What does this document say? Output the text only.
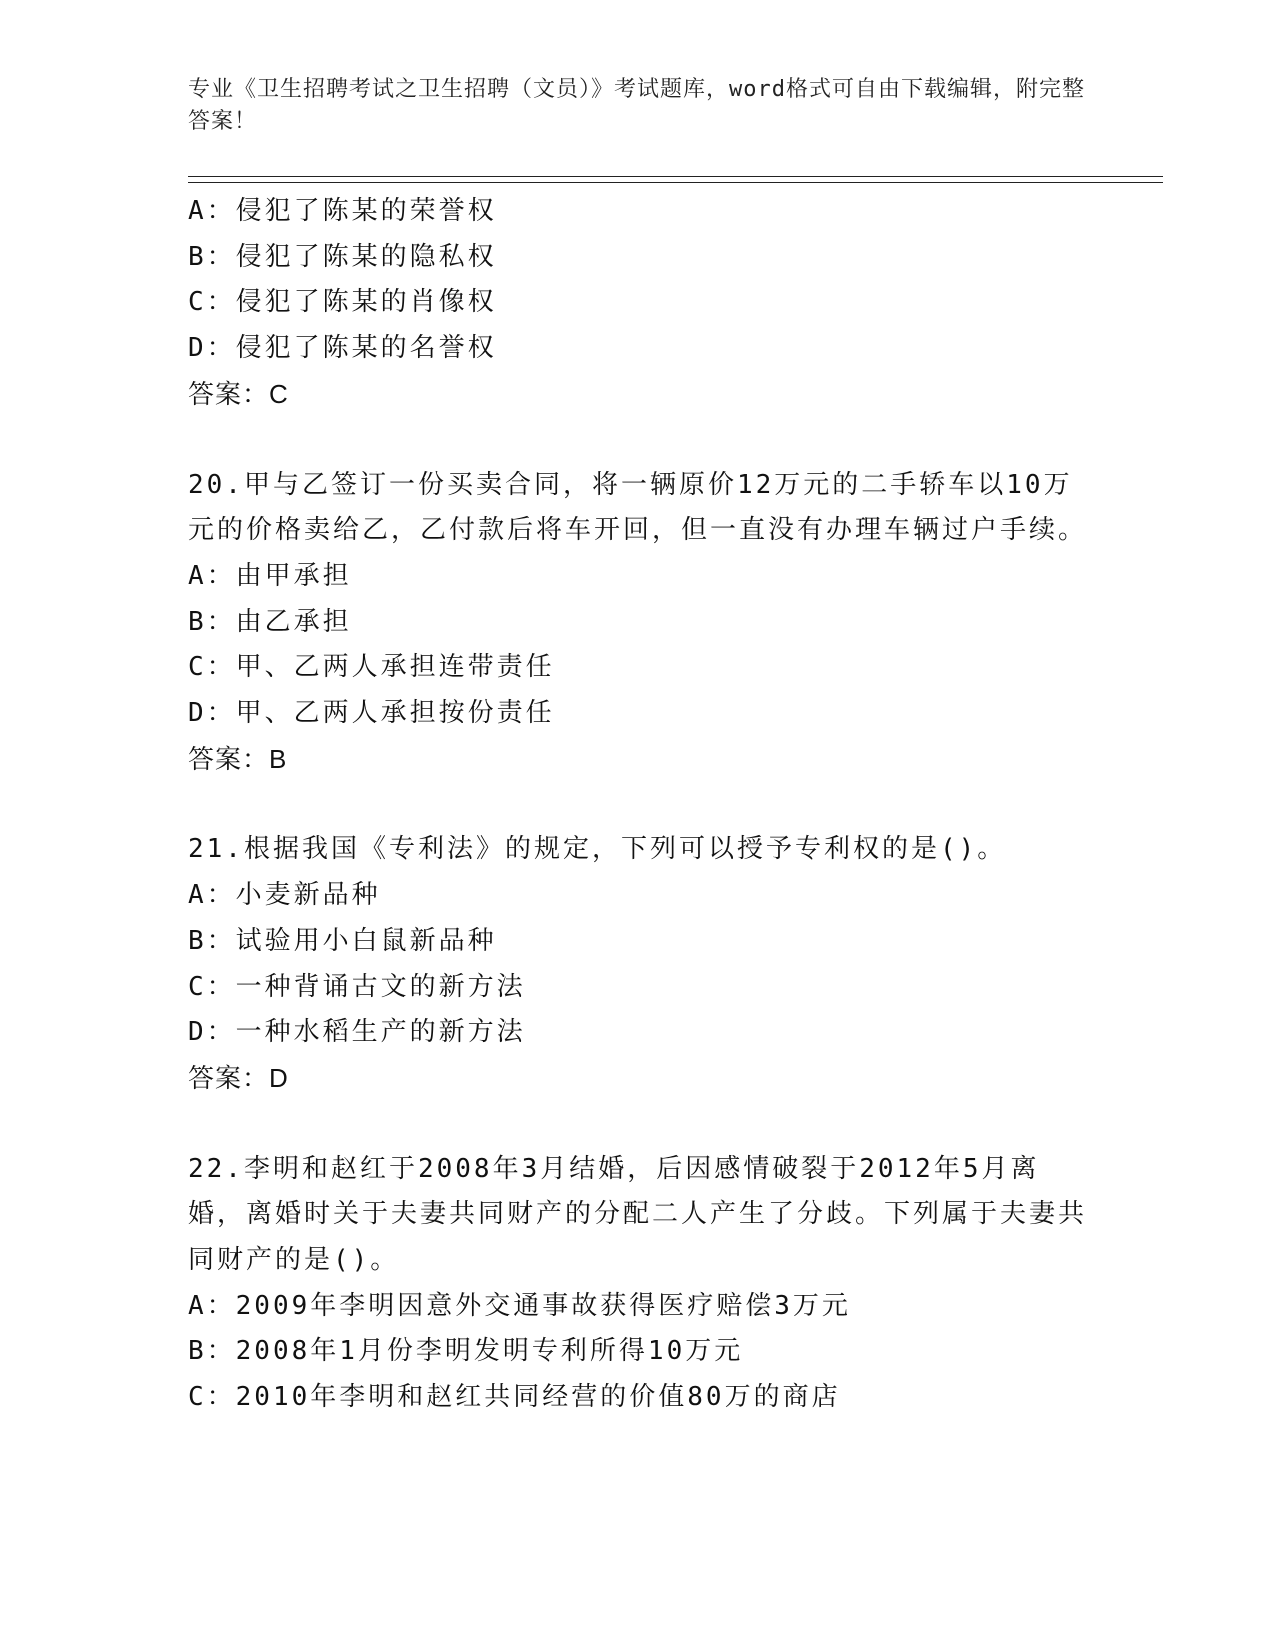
专业《卫生招聘考试之卫生招聘（文员）》考试题库，word格式可自由下载编辑，附完整答案！
A：侵犯了陈某的荣誉权
B：侵犯了陈某的隐私权
C：侵犯了陈某的肖像权
D：侵犯了陈某的名誉权
答案：C
20.甲与乙签订一份买卖合同，将一辆原价12万元的二手轿车以10万元的价格卖给乙，乙付款后将车开回，但一直没有办理车辆过户手续。
A：由甲承担
B：由乙承担
C：甲、乙两人承担连带责任
D：甲、乙两人承担按份责任
答案：B
21.根据我国《专利法》的规定，下列可以授予专利权的是()。
A：小麦新品种
B：试验用小白鼠新品种
C：一种背诵古文的新方法
D：一种水稻生产的新方法
答案：D
22.李明和赵红于2008年3月结婚，后因感情破裂于2012年5月离婚，离婚时关于夫妻共同财产的分配二人产生了分歧。下列属于夫妻共同财产的是()。
A：2009年李明因意外交通事故获得医疗赔偿3万元
B：2008年1月份李明发明专利所得10万元
C：2010年李明和赵红共同经营的价值80万的商店
